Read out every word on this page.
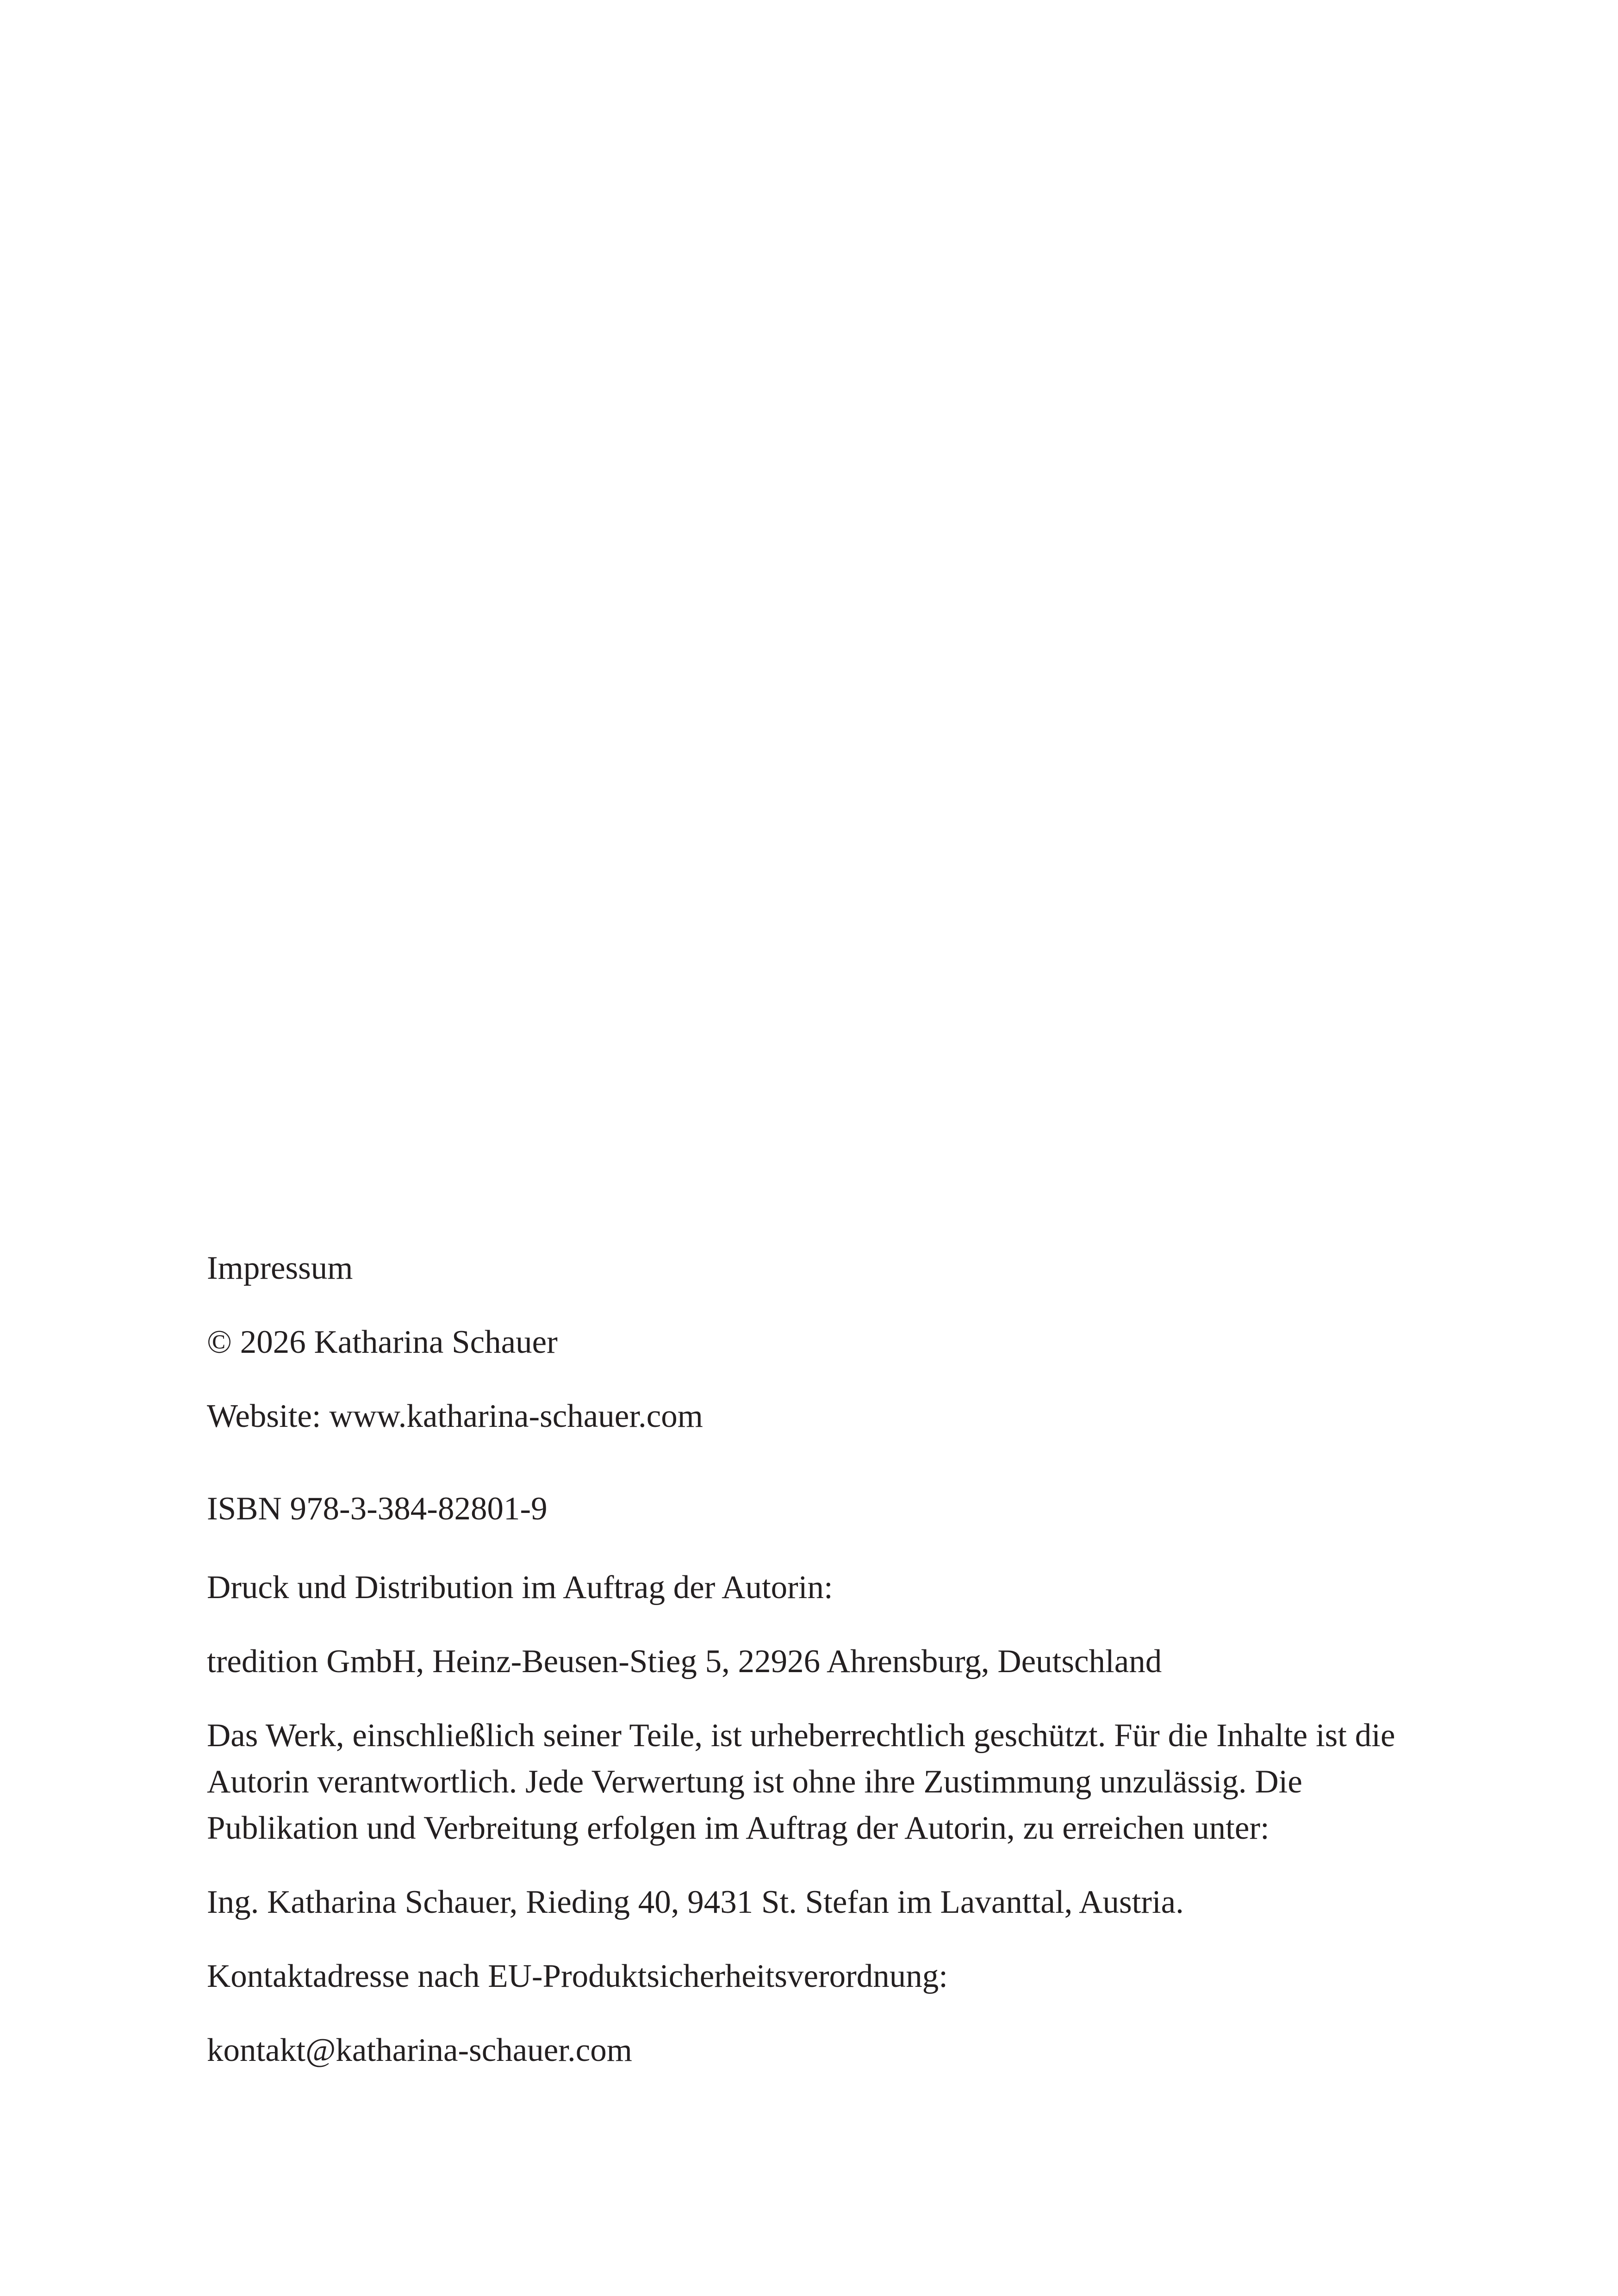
Impressum

© 2026 Katharina Schauer

Website: www.katharina-schauer.com

ISBN 978-3-384-82801-9

Druck und Distribution im Auftrag der Autorin:

tredition GmbH, Heinz-Beusen-Stieg 5, 22926 Ahrensburg, Deutschland

Das Werk, einschließlich seiner Teile, ist urheberrechtlich geschützt. Für die Inhalte ist die Autorin verantwortlich. Jede Verwertung ist ohne ihre Zustimmung unzulässig. Die Publikation und Verbreitung erfolgen im Auftrag der Autorin, zu erreichen unter:

Ing. Katharina Schauer, Rieding 40, 9431 St. Stefan im Lavanttal, Austria.

Kontaktadresse nach EU-Produktsicherheitsverordnung:

kontakt@katharina-schauer.com
